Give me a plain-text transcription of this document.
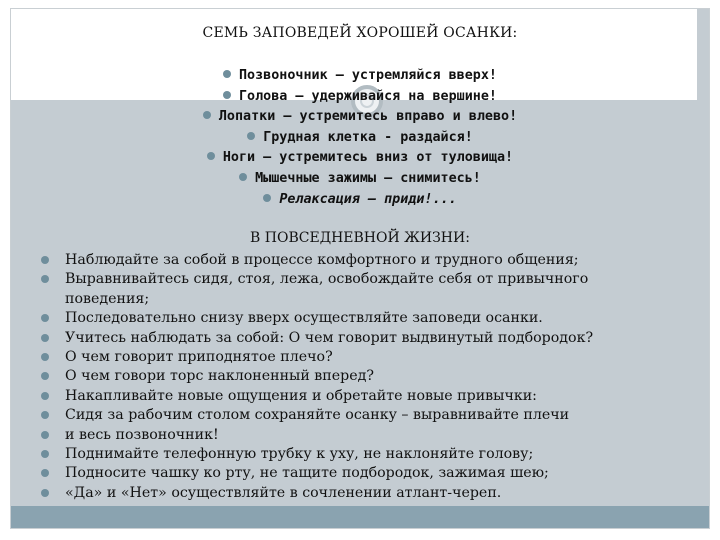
СЕМЬ ЗАПОВЕДЕЙ ХОРОШЕЙ ОСАНКИ:
Позвоночник – устремляйся вверх!
Голова – удерживайся на вершине!
Лопатки – устремитесь вправо и влево!
Грудная клетка - раздайся!
Ноги – устремитесь вниз от туловища!
Мышечные зажимы – снимитесь!
Релаксация – приди!...
В ПОВСЕДНЕВНОЙ ЖИЗНИ:
Наблюдайте за собой в процессе комфортного и трудного общения;
Выравнивайтесь сидя, стоя, лежа, освобождайте себя от привычного поведения;
Последовательно снизу вверх осуществляйте заповеди осанки.
Учитесь наблюдать за собой: О чем говорит выдвинутый подбородок?
О чем говорит приподнятое плечо?
О чем говори торс наклоненный вперед?
Накапливайте новые ощущения и обретайте новые привычки:
Сидя за рабочим столом сохраняйте осанку – выравнивайте плечи
и весь позвоночник!
Поднимайте телефонную трубку к уху, не наклоняйте голову;
Подносите чашку ко рту, не тащите подбородок, зажимая шею;
«Да» и «Нет» осуществляйте в сочленении атлант-череп.
